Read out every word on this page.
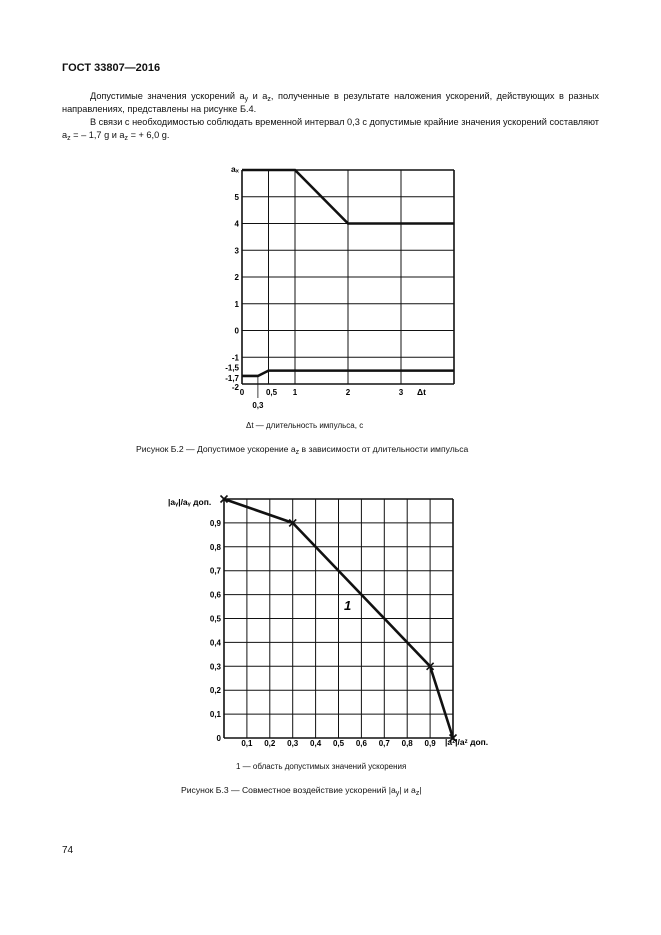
ГОСТ 33807—2016
Допустимые значения ускорений $a_y$ и $a_z$, полученные в результате наложения ускорений, действующих в разных направлениях, представлены на рисунке Б.4.
В связи с необходимостью соблюдать временной интервал 0,3 с допустимые крайние значения ускорений составляют $a_z$ = – 1,7 g и $a_z$ = + 6,0 g.
5
4
3
2
1
0
-1
-1,5
-1,7
-2
0	0,5 1	2	3
0,3
aₓ
Δt
0,9
0,8
0,7
0,6
0,5
0,4
0,3
0,2
0,1
0
0,1 0,2 0,3 0,4 0,5 0,6 0,7 0,8 0,9
|aᵧ|/aᵧ доп.
|aᶻ|/aᶻ доп.
1
Δt — длительность импульса, с
Рисунок Б.2 — Допустимое ускорение $a_z$ в зависимости от длительности импульса
1 — область допустимых значений ускорения
Рисунок Б.3 — Совместное воздействие ускорений $|a_y|$ и $a_z|$
74
